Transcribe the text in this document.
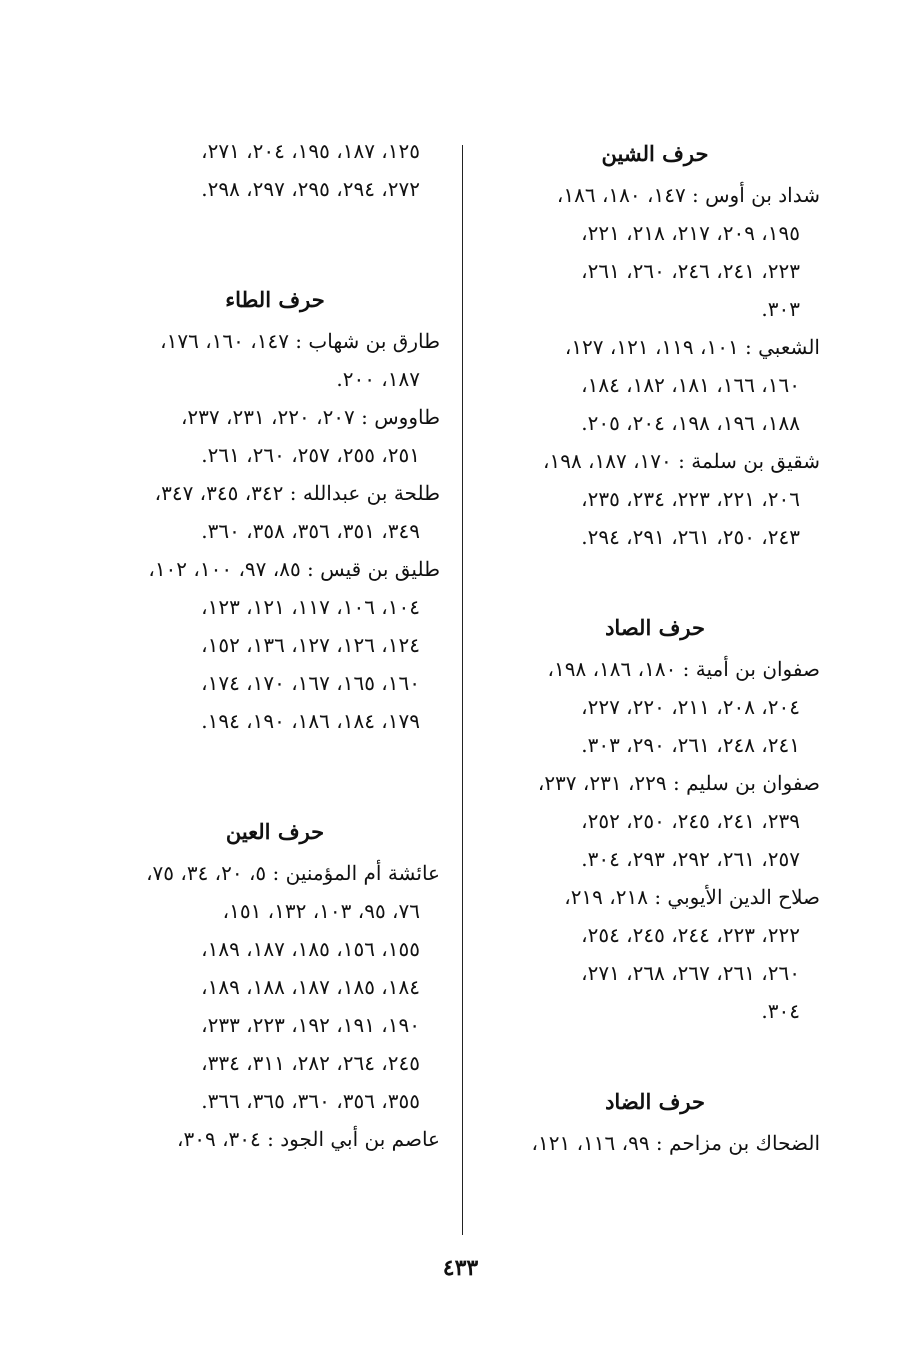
حرف الشين
شداد بن أوس : ١٤٧، ١٨٠، ١٨٦،
١٩٥، ٢٠٩، ٢١٧، ٢١٨، ٢٢١،
٢٢٣، ٢٤١، ٢٤٦، ٢٦٠، ٢٦١،
٣٠٣.
الشعبي : ١٠١، ١١٩، ١٢١، ١٢٧،
١٦٠، ١٦٦، ١٨١، ١٨٢، ١٨٤،
١٨٨، ١٩٦، ١٩٨، ٢٠٤، ٢٠٥.
شقيق بن سلمة : ١٧٠، ١٨٧، ١٩٨،
٢٠٦، ٢٢١، ٢٢٣، ٢٣٤، ٢٣٥،
٢٤٣، ٢٥٠، ٢٦١، ٢٩١، ٢٩٤.
حرف الصاد
صفوان بن أمية : ١٨٠، ١٨٦، ١٩٨،
٢٠٤، ٢٠٨، ٢١١، ٢٢٠، ٢٢٧،
٢٤١، ٢٤٨، ٢٦١، ٢٩٠، ٣٠٣.
صفوان بن سليم : ٢٢٩، ٢٣١، ٢٣٧،
٢٣٩، ٢٤١، ٢٤٥، ٢٥٠، ٢٥٢،
٢٥٧، ٢٦١، ٢٩٢، ٢٩٣، ٣٠٤.
صلاح الدين الأيوبي : ٢١٨، ٢١٩،
٢٢٢، ٢٢٣، ٢٤٤، ٢٤٥، ٢٥٤،
٢٦٠، ٢٦١، ٢٦٧، ٢٦٨، ٢٧١،
٣٠٤.
حرف الضاد
الضحاك بن مزاحم : ٩٩، ١١٦، ١٢١،
١٢٥، ١٨٧، ١٩٥، ٢٠٤، ٢٧١،
٢٧٢، ٢٩٤، ٢٩٥، ٢٩٧، ٢٩٨.
حرف الطاء
طارق بن شهاب : ١٤٧، ١٦٠، ١٧٦،
١٨٧، ٢٠٠.
طاووس : ٢٠٧، ٢٢٠، ٢٣١، ٢٣٧،
٢٥١، ٢٥٥، ٢٥٧، ٢٦٠، ٢٦١.
طلحة بن عبدالله : ٣٤٢، ٣٤٥، ٣٤٧،
٣٤٩، ٣٥١، ٣٥٦، ٣٥٨، ٣٦٠.
طليق بن قيس : ٨٥، ٩٧، ١٠٠، ١٠٢،
١٠٤، ١٠٦، ١١٧، ١٢١، ١٢٣،
١٢٤، ١٢٦، ١٢٧، ١٣٦، ١٥٢،
١٦٠، ١٦٥، ١٦٧، ١٧٠، ١٧٤،
١٧٩، ١٨٤، ١٨٦، ١٩٠، ١٩٤.
حرف العين
عائشة أم المؤمنين : ٥، ٢٠، ٣٤، ٧٥،
٧٦، ٩٥، ١٠٣، ١٣٢، ١٥١،
١٥٥، ١٥٦، ١٨٥، ١٨٧، ١٨٩،
١٨٤، ١٨٥، ١٨٧، ١٨٨، ١٨٩،
١٩٠، ١٩١، ١٩٢، ٢٢٣، ٢٣٣،
٢٤٥، ٢٦٤، ٢٨٢، ٣١١، ٣٣٤،
٣٥٥، ٣٥٦، ٣٦٠، ٣٦٥، ٣٦٦.
عاصم بن أبي الجود : ٣٠٤، ٣٠٩،
٤٣٣
